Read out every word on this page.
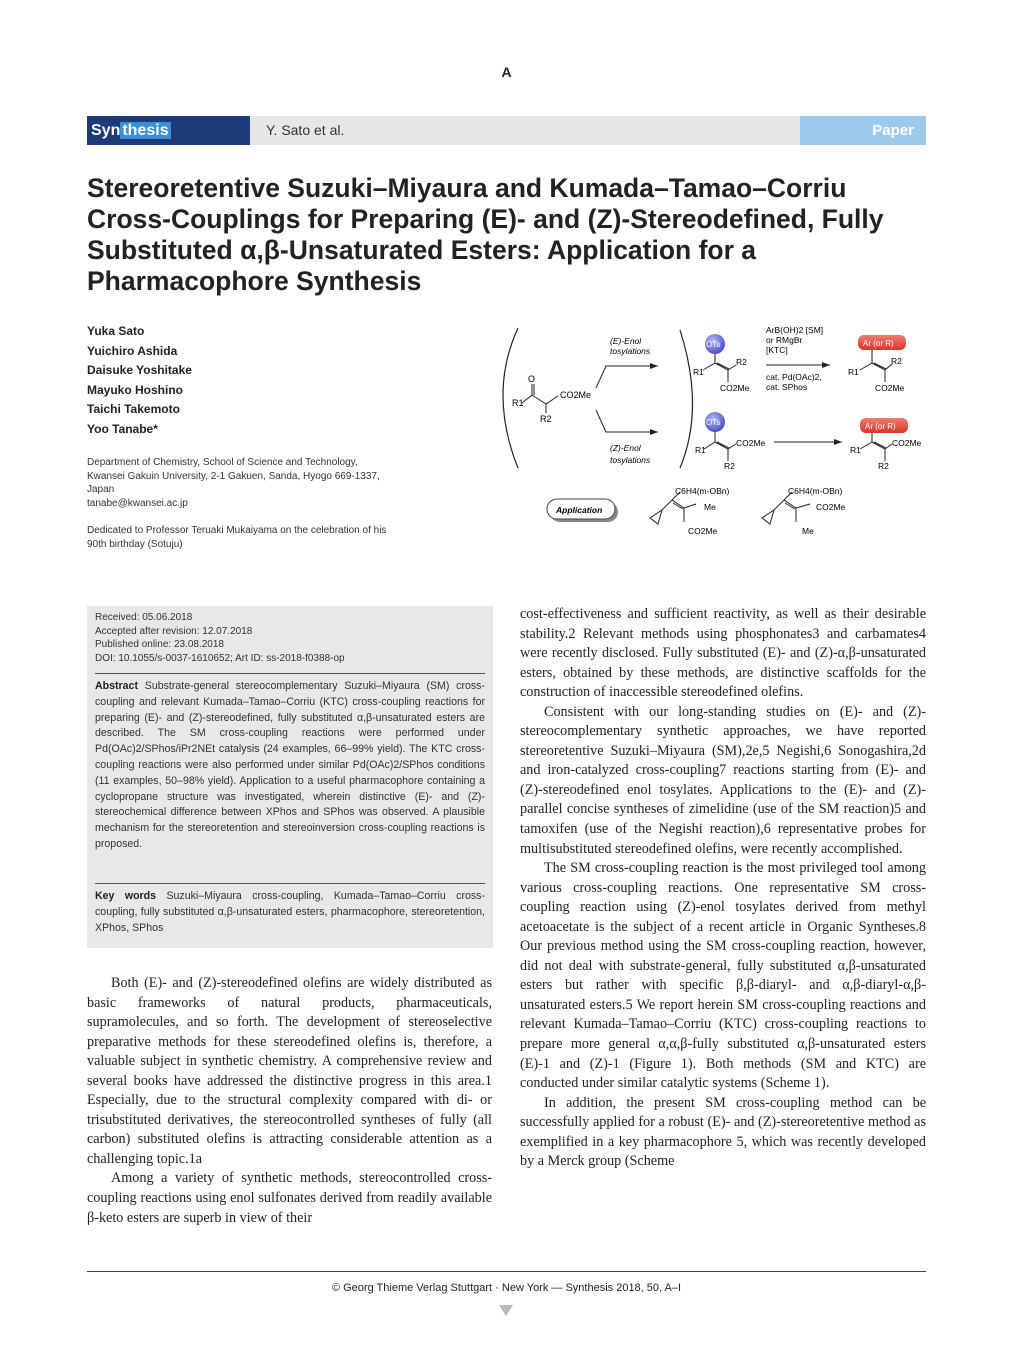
A
Syn thesis	Y. Sato et al.	Paper
Stereoretentive Suzuki–Miyaura and Kumada–Tamao–Corriu Cross-Couplings for Preparing (E)- and (Z)-Stereodefined, Fully Substituted α,β-Unsaturated Esters: Application for a Pharmacophore Synthesis
Yuka Sato
Yuichiro Ashida
Daisuke Yoshitake
Mayuko Hoshino
Taichi Takemoto
Yoo Tanabe*
Department of Chemistry, School of Science and Technology, Kwansei Gakuin University, 2-1 Gakuen, Sanda, Hyogo 669-1337, Japan
tanabe@kwansei.ac.jp
Dedicated to Professor Teruaki Mukaiyama on the celebration of his 90th birthday (Sotuju)
O
R1
CO2Me
R2
(E)-Enol
tosylations
(Z)-Enol
tosylations
OTs
R1
R2
CO2Me
OTs
R1
CO2Me
R2
ArB(OH)2 [SM]
or RMgBr
[KTC]
cat. Pd(OAc)2,
cat. SPhos
Ar (or R)
R1
R2
CO2Me
Ar (or R)
R1
CO2Me
R2
Application
C6H4(m-OBn)
Me
CO2Me
C6H4(m-OBn)
CO2Me
Me
Received: 05.06.2018
Accepted after revision: 12.07.2018
Published online: 23.08.2018
DOI: 10.1055/s-0037-1610652; Art ID: ss-2018-f0388-op
Abstract Substrate-general stereocomplementary Suzuki–Miyaura (SM) cross-coupling and relevant Kumada–Tamao–Corriu (KTC) cross-coupling reactions for preparing (E)- and (Z)-stereodefined, fully substituted α,β-unsaturated esters are described. The SM cross-coupling reactions were performed under Pd(OAc)2/SPhos/iPr2NEt catalysis (24 examples, 66–99% yield). The KTC cross-coupling reactions were also performed under similar Pd(OAc)2/SPhos conditions (11 examples, 50–98% yield). Application to a useful pharmacophore containing a cyclopropane structure was investigated, wherein distinctive (E)- and (Z)-stereochemical difference between XPhos and SPhos was observed. A plausible mechanism for the stereoretention and stereoinversion cross-coupling reactions is proposed.
Key words Suzuki–Miyaura cross-coupling, Kumada–Tamao–Corriu cross-coupling, fully substituted α,β-unsaturated esters, pharmacophore, stereoretention, XPhos, SPhos

Both (E)- and (Z)-stereodefined olefins are widely distributed as basic frameworks of natural products, pharmaceuticals, supramolecules, and so forth. The development of stereoselective preparative methods for these stereodefined olefins is, therefore, a valuable subject in synthetic chemistry. A comprehensive review and several books have addressed the distinctive progress in this area.1 Especially, due to the structural complexity compared with di- or trisubstituted derivatives, the stereocontrolled syntheses of fully (all carbon) substituted olefins is attracting considerable attention as a challenging topic.1a

Among a variety of synthetic methods, stereocontrolled cross-coupling reactions using enol sulfonates derived from readily available β-keto esters are superb in view of their

cost-effectiveness and sufficient reactivity, as well as their desirable stability.2 Relevant methods using phosphonates3 and carbamates4 were recently disclosed. Fully substituted (E)- and (Z)-α,β-unsaturated esters, obtained by these methods, are distinctive scaffolds for the construction of inaccessible stereodefined olefins.

Consistent with our long-standing studies on (E)- and (Z)-stereocomplementary synthetic approaches, we have reported stereoretentive Suzuki–Miyaura (SM),2e,5 Negishi,6 Sonogashira,2d and iron-catalyzed cross-coupling7 reactions starting from (E)- and (Z)-stereodefined enol tosylates. Applications to the (E)- and (Z)-parallel concise syntheses of zimelidine (use of the SM reaction)5 and tamoxifen (use of the Negishi reaction),6 representative probes for multisubstituted stereodefined olefins, were recently accomplished.

The SM cross-coupling reaction is the most privileged tool among various cross-coupling reactions. One representative SM cross-coupling reaction using (Z)-enol tosylates derived from methyl acetoacetate is the subject of a recent article in Organic Syntheses.8 Our previous method using the SM cross-coupling reaction, however, did not deal with substrate-general, fully substituted α,β-unsaturated esters but rather with specific β,β-diaryl- and α,β-diaryl-α,β-unsaturated esters.5 We report herein SM cross-coupling reactions and relevant Kumada–Tamao–Corriu (KTC) cross-coupling reactions to prepare more general α,α,β-fully substituted α,β-unsaturated esters (E)-1 and (Z)-1 (Figure 1). Both methods (SM and KTC) are conducted under similar catalytic systems (Scheme 1).

In addition, the present SM cross-coupling method can be successfully applied for a robust (E)- and (Z)-stereoretentive method as exemplified in a key pharmacophore 5, which was recently developed by a Merck group (Scheme

© Georg Thieme Verlag Stuttgart · New York — Synthesis 2018, 50, A–I
